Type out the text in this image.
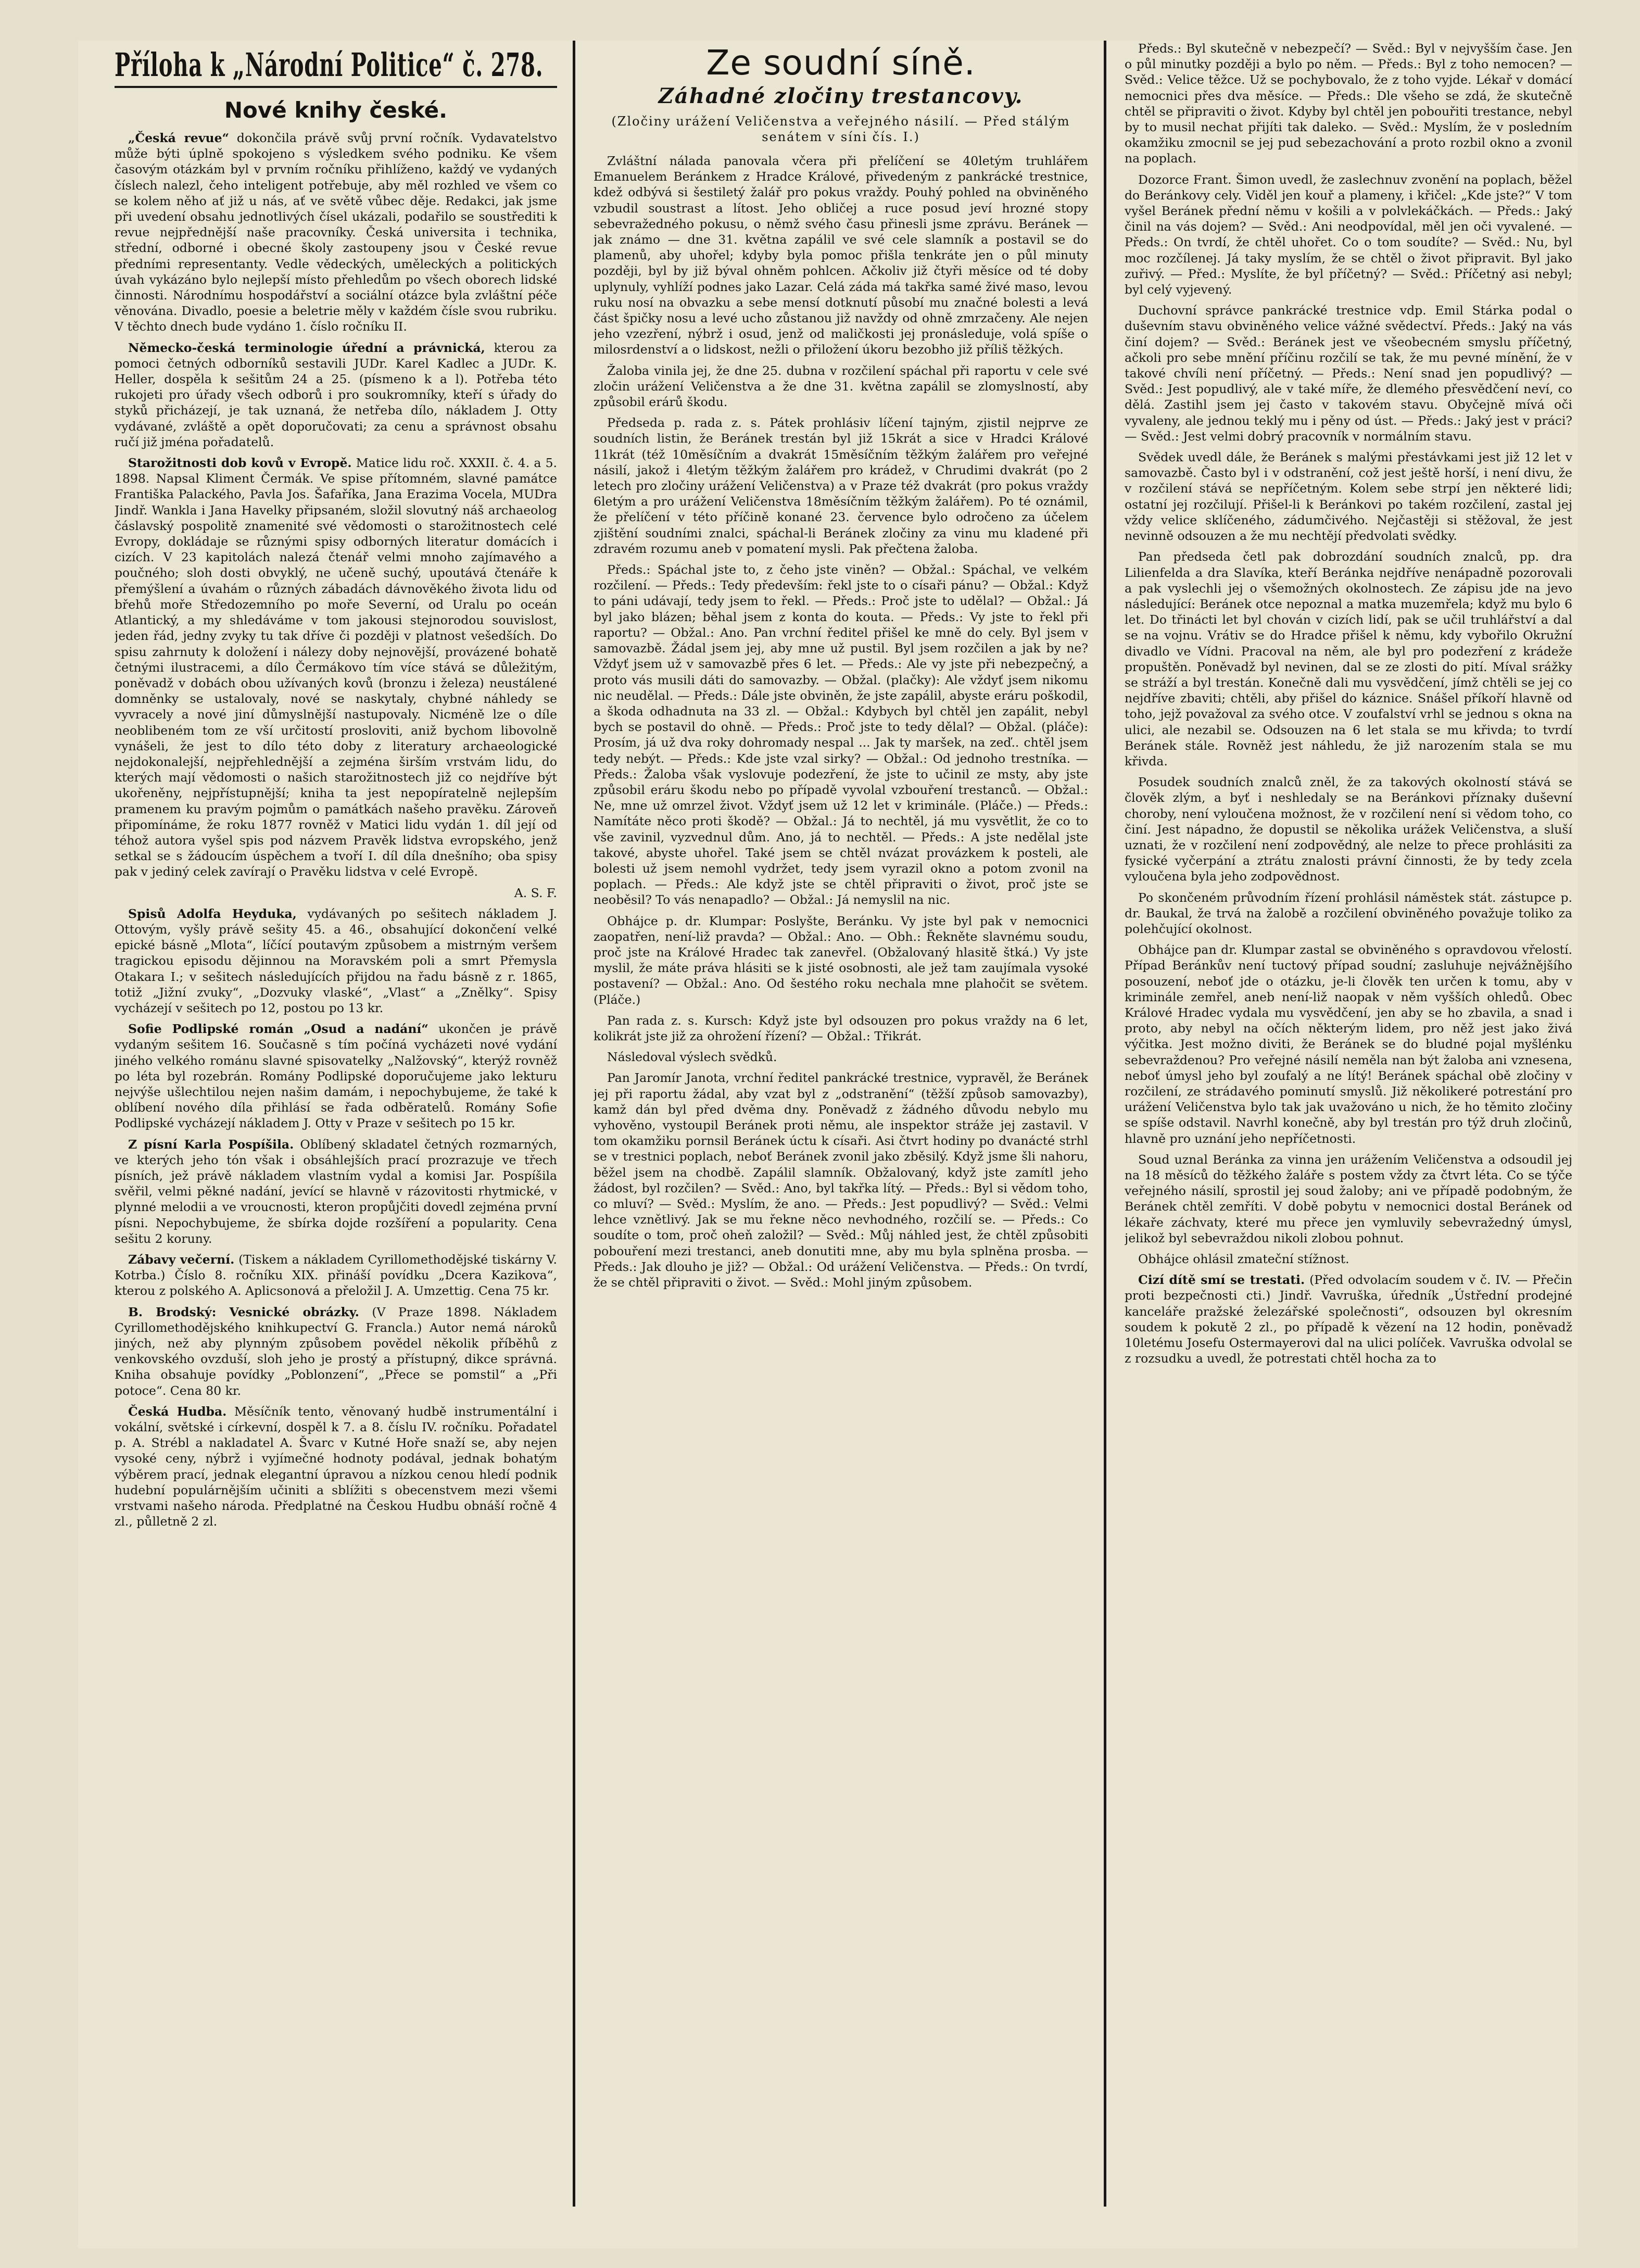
Příloha k „Národní Politice“ č. 278.
Nové knihy české.

„Česká revue“ dokončila právě svůj první ročník. Vydavatelstvo může býti úplně spokojeno s výsledkem svého podniku. Ke všem časovým otázkám byl v prvním ročníku přihlíženo, každý ve vydaných číslech nalezl, čeho inteligent potřebuje, aby měl rozhled ve všem co se kolem něho ať již u nás, ať ve světě vůbec děje. Redakci, jak jsme při uvedení obsahu jednotlivých čísel ukázali, podařilo se soustřediti k revue nejpřednější naše pracovníky. Česká universita i technika, střední, odborné i obecné školy zastoupeny jsou v České revue předními representanty. Vedle vědeckých, uměleckých a politických úvah vykázáno bylo nejlepší místo přehledům po všech oborech lidské činnosti. Národnímu hospodářství a sociální otázce byla zvláštní péče věnována. Divadlo, poesie a beletrie měly v každém čísle svou rubriku. V těchto dnech bude vydáno 1. číslo ročníku II.

Německo-česká terminologie úřední a právnická, kterou za pomoci četných odborníků sestavili JUDr. Karel Kadlec a JUDr. K. Heller, dospěla k sešitům 24 a 25. (písmeno k a l). Potřeba této rukojeti pro úřady všech odborů i pro soukromníky, kteří s úřady do styků přicházejí, je tak uznaná, že netřeba dílo, nákladem J. Otty vydávané, zvláště a opět doporučovati; za cenu a správnost obsahu ručí již jména pořadatelů.

Starožitnosti dob kovů v Evropě. Matice lidu roč. XXXII. č. 4. a 5. 1898. Napsal Kliment Čermák. Ve spise přítomném, slavné památce Františka Palackého, Pavla Jos. Šafaříka, Jana Erazima Vocela, MUDra Jindř. Wankla i Jana Havelky připsaném, složil slovutný náš archaeolog čáslavský pospolitě znamenité své vědomosti o starožitnostech celé Evropy, dokládaje se různými spisy odborných literatur domácích i cizích. V 23 kapitolách nalezá čtenář velmi mnoho zajímavého a poučného; sloh dosti obvyklý, ne učeně suchý, upoutává čtenáře k přemýšlení a úvahám o různých zábadách dávnověkého života lidu od břehů moře Středozemního po moře Severní, od Uralu po oceán Atlantický, a my shledáváme v tom jakousi stejnorodou souvislost, jeden řád, jedny zvyky tu tak dříve či později v platnost vešedších. Do spisu zahrnuty k doložení i nálezy doby nejnovější, provázené bohatě četnými ilustracemi, a dílo Čermákovo tím více stává se důležitým, poněvadž v dobách obou užívaných kovů (bronzu i železa) neustálené domněnky se ustalovaly, nové se naskytaly, chybné náhledy se vyvracely a nové jiní důmyslnější nastupovaly. Nicméně lze o díle neoblibeném tom ze vší určitostí prosloviti, aniž bychom libovolně vynášeli, že jest to dílo této doby z literatury archaeologické nejdokonalejší, nejpřehlednější a zejména širším vrstvám lidu, do kterých mají vědomosti o našich starožitnostech již co nejdříve být ukořeněny, nejpřístupnější; kniha ta jest nepopíratelně nejlepším pramenem ku pravým pojmům o památkách našeho pravěku. Zároveň připomínáme, že roku 1877 rovněž v Matici lidu vydán 1. díl její od téhož autora vyšel spis pod názvem Pravěk lidstva evropského, jenž setkal se s žádoucím úspěchem a tvoří I. díl díla dnešního; oba spisy pak v jediný celek zavírají o Pravěku lidstva v celé Evropě.

A. S. F.

Spisů Adolfa Heyduka, vydávaných po sešitech nákladem J. Ottovým, vyšly právě sešity 45. a 46., obsahující dokončení velké epické básně „Mlota“, líčící poutavým způsobem a mistrným veršem tragickou episodu dějinnou na Moravském poli a smrt Přemysla Otakara I.; v sešitech následujících přijdou na řadu básně z r. 1865, totiž „Jižní zvuky“, „Dozvuky vlaské“, „Vlast“ a „Znělky“. Spisy vycházejí v sešitech po 12, postou po 13 kr.

Sofie Podlipské román „Osud a nadání“ ukončen je právě vydaným sešitem 16. Současně s tím počíná vycházeti nové vydání jiného velkého románu slavné spisovatelky „Nalžovský“, kterýž rovněž po léta byl rozebrán. Romány Podlipské doporučujeme jako lekturu nejvýše ušlechtilou nejen našim damám, i nepochybujeme, že také k oblíbení nového díla přihlásí se řada odběratelů. Romány Sofie Podlipské vycházejí nákladem J. Otty v Praze v sešitech po 15 kr.

Z písní Karla Pospíšila. Oblíbený skladatel četných rozmarných, ve kterých jeho tón však i obsáhlejších prací prozrazuje ve třech písních, jež právě nákladem vlastním vydal a komisi Jar. Pospíšila svěřil, velmi pěkné nadání, jevící se hlavně v rázovitosti rhytmické, v plynné melodii a ve vroucnosti, kteron propůjčiti dovedl zejména první písni. Nepochybujeme, že sbírka dojde rozšíření a popularity. Cena sešitu 2 koruny.

Zábavy večerní. (Tiskem a nákladem Cyrillomethodějské tiskárny V. Kotrba.) Číslo 8. ročníku XIX. přináší povídku „Dcera Kazikova“, kterou z polského A. Aplicsonová a přeložil J. A. Umzettig. Cena 75 kr.

B. Brodský: Vesnické obrázky. (V Praze 1898. Nákladem Cyrillomethodějského knihkupectví G. Francla.) Autor nemá nároků jiných, než aby plynným způsobem povědel několik příběhů z venkovského ovzduší, sloh jeho je prostý a přístupný, dikce správná. Kniha obsahuje povídky „Poblonzení“, „Přece se pomstil“ a „Při potoce“. Cena 80 kr.

Česká Hudba. Měsíčník tento, věnovaný hudbě instrumentální i vokální, světské i církevní, dospěl k 7. a 8. číslu IV. ročníku. Pořadatel p. A. Strébl a nakladatel A. Švarc v Kutné Hoře snaží se, aby nejen vysoké ceny, nýbrž i vyjímečné hodnoty podával, jednak bohatým výběrem prací, jednak elegantní úpravou a nízkou cenou hledí podnik hudební populárnějším učiniti a sblížiti s obecenstvem mezi všemi vrstvami našeho národa. Předplatné na Českou Hudbu obnáší ročně 4 zl., půlletně 2 zl.

Ze soudní síně.
Záhadné zločiny trestancovy.
(Zločiny urážení Veličenstva a veřejného násilí. — Před stálým senátem v síni čís. I.)

Zvláštní nálada panovala včera při přelíčení se 40letým truhlářem Emanuelem Beránkem z Hradce Králové, přivedeným z pankrácké trestnice, kdež odbývá si šestiletý žalář pro pokus vraždy. Pouhý pohled na obviněného vzbudil soustrast a lítost. Jeho obličej a ruce posud jeví hrozné stopy sebevražedného pokusu, o němž svého času přinesli jsme zprávu. Beránek — jak známo — dne 31. května zapálil ve své cele slamník a postavil se do plamenů, aby uhořel; kdyby byla pomoc přišla tenkráte jen o půl minuty později, byl by již býval ohněm pohlcen. Ačkoliv již čtyři měsíce od té doby uplynuly, vyhlíží podnes jako Lazar. Celá záda má takřka samé živé maso, levou ruku nosí na obvazku a sebe mensí dotknutí působí mu značné bolesti a levá část špičky nosu a levé ucho zůstanou již navždy od ohně zmrzačeny. Ale nejen jeho vzezření, nýbrž i osud, jenž od maličkosti jej pronásleduje, volá spíše o milosrdenství a o lidskost, nežli o přiložení úkoru bezobho již příliš těžkých.

Žaloba vinila jej, že dne 25. dubna v rozčilení spáchal při raportu v cele své zločin urážení Veličenstva a že dne 31. května zapálil se zlomyslností, aby způsobil erárů škodu.

Předseda p. rada z. s. Pátek prohlásiv líčení tajným, zjistil nejprve ze soudních listin, že Beránek trestán byl již 15krát a sice v Hradci Králové 11krát (též 10měsíčním a dvakrát 15měsíčním těžkým žalářem pro veřejné násilí, jakož i 4letým těžkým žalářem pro krádež, v Chrudimi dvakrát (po 2 letech pro zločiny urážení Veličenstva) a v Praze též dvakrát (pro pokus vraždy 6letým a pro urážení Veličenstva 18měsíčním těžkým žalářem). Po té oznámil, že přelíčení v této příčině konané 23. července bylo odročeno za účelem zjištění soudními znalci, spáchal-li Beránek zločiny za vinu mu kladené při zdravém rozumu aneb v pomatení mysli. Pak přečtena žaloba.

Předs.: Spáchal jste to, z čeho jste viněn? — Obžal.: Spáchal, ve velkém rozčilení. — Předs.: Tedy především: řekl jste to o císaři pánu? — Obžal.: Když to páni udávají, tedy jsem to řekl. — Předs.: Proč jste to udělal? — Obžal.: Já byl jako blázen; běhal jsem z konta do kouta. — Předs.: Vy jste to řekl při raportu? — Obžal.: Ano. Pan vrchní ředitel přišel ke mně do cely. Byl jsem v samovazbě. Žádal jsem jej, aby mne už pustil. Byl jsem rozčilen a jak by ne? Vždyť jsem už v samovazbě přes 6 let. — Předs.: Ale vy jste při nebezpečný, a proto vás musili dáti do samovazby. — Obžal. (plačky): Ale vždyť jsem nikomu nic neudělal. — Předs.: Dále jste obviněn, že jste zapálil, abyste eráru poškodil, a škoda odhadnuta na 33 zl. — Obžal.: Kdybych byl chtěl jen zapálit, nebyl bych se postavil do ohně. — Předs.: Proč jste to tedy dělal? — Obžal. (pláče): Prosím, já už dva roky dohromady nespal ... Jak ty maršek, na zeď.. chtěl jsem tedy nebýt. — Předs.: Kde jste vzal sirky? — Obžal.: Od jednoho trestníka. — Předs.: Žaloba však vyslovuje podezření, že jste to učinil ze msty, aby jste způsobil eráru škodu nebo po případě vyvolal vzbouření trestanců. — Obžal.: Ne, mne už omrzel život. Vždyť jsem už 12 let v kriminále. (Pláče.) — Předs.: Namítáte něco proti škodě? — Obžal.: Já to nechtěl, já mu vysvětlit, že co to vše zavinil, vyzvednul dům. Ano, já to nechtěl. — Předs.: A jste nedělal jste takové, abyste uhořel. Také jsem se chtěl nvázat provázkem k posteli, ale bolesti už jsem nemohl vydržet, tedy jsem vyrazil okno a potom zvonil na poplach. — Předs.: Ale když jste se chtěl připraviti o život, proč jste se neoběsil? To vás nenapadlo? — Obžal.: Já nemyslil na nic.

Obhájce p. dr. Klumpar: Poslyšte, Beránku. Vy jste byl pak v nemocnici zaopatřen, není-liž pravda? — Obžal.: Ano. — Obh.: Řekněte slavnému soudu, proč jste na Králové Hradec tak zanevřel. (Obžalovaný hlasitě štká.) Vy jste myslil, že máte práva hlásiti se k jisté osobnosti, ale jež tam zaujímala vysoké postavení? — Obžal.: Ano. Od šestého roku nechala mne plahočit se světem. (Pláče.)

Pan rada z. s. Kursch: Když jste byl odsouzen pro pokus vraždy na 6 let, kolikrát jste již za ohrožení řízení? — Obžal.: Třikrát.

Následoval výslech svědků.

Pan Jaromír Janota, vrchní ředitel pankrácké trestnice, vypravěl, že Beránek jej při raportu žádal, aby vzat byl z „odstranění“ (těžší způsob samovazby), kamž dán byl před dvěma dny. Poněvadž z žádného důvodu nebylo mu vyhověno, vystoupil Beránek proti němu, ale inspektor stráže jej zastavil. V tom okamžiku pornsil Beránek úctu k císaři. Asi čtvrt hodiny po dvanácté strhl se v trestnici poplach, neboť Beránek zvonil jako zběsilý. Když jsme šli nahoru, běžel jsem na chodbě. Zapálil slamník. Obžalovaný, když jste zamítl jeho žádost, byl rozčilen? — Svěd.: Ano, byl takřka lítý. — Předs.: Byl si vědom toho, co mluví? — Svěd.: Myslím, že ano. — Předs.: Jest popudlivý? — Svěd.: Velmi lehce vznětlivý. Jak se mu řekne něco nevhodného, rozčilí se. — Předs.: Co soudíte o tom, proč oheň založil? — Svěd.: Můj náhled jest, že chtěl způsobiti pobouření mezi trestanci, aneb donutiti mne, aby mu byla splněna prosba. — Předs.: Jak dlouho je již? — Obžal.: Od urážení Veličenstva. — Předs.: On tvrdí, že se chtěl připraviti o život. — Svěd.: Mohl jiným způsobem.

Předs.: Byl skutečně v nebezpečí? — Svěd.: Byl v nejvyšším čase. Jen o půl minutky později a bylo po něm. — Předs.: Byl z toho nemocen? — Svěd.: Velice těžce. Už se pochybovalo, že z toho vyjde. Lékař v domácí nemocnici přes dva měsíce. — Předs.: Dle všeho se zdá, že skutečně chtěl se připraviti o život. Kdyby byl chtěl jen pobouřiti trestance, nebyl by to musil nechat přijíti tak daleko. — Svěd.: Myslím, že v posledním okamžiku zmocnil se jej pud sebezachování a proto rozbil okno a zvonil na poplach.

Dozorce Frant. Šimon uvedl, že zaslechnuv zvonění na poplach, běžel do Beránkovy cely. Viděl jen kouř a plameny, i křičel: „Kde jste?“ V tom vyšel Beránek přední němu v košili a v polvlekáčkách. — Předs.: Jaký činil na vás dojem? — Svěd.: Ani neodpovídal, měl jen oči vyvalené. — Předs.: On tvrdí, že chtěl uhořet. Co o tom soudíte? — Svěd.: Nu, byl moc rozčílenej. Já taky myslím, že se chtěl o život připravit. Byl jako zuřivý. — Před.: Myslíte, že byl příčetný? — Svěd.: Příčetný asi nebyl; byl celý vyjevený.

Duchovní správce pankrácké trestnice vdp. Emil Stárka podal o duševním stavu obviněného velice vážné svědectví. Předs.: Jaký na vás činí dojem? — Svěd.: Beránek jest ve všeobecném smyslu příčetný, ačkoli pro sebe mnění příčinu rozčilí se tak, že mu pevné mínění, že v takové chvíli není příčetný. — Předs.: Není snad jen popudlivý? — Svěd.: Jest popudlivý, ale v také míře, že dlemého přesvědčení neví, co dělá. Zastihl jsem jej často v takovém stavu. Obyčejně mívá oči vyvaleny, ale jednou teklý mu i pěny od úst. — Předs.: Jaký jest v práci? — Svěd.: Jest velmi dobrý pracovník v normálním stavu.

Svědek uvedl dále, že Beránek s malými přestávkami jest již 12 let v samovazbě. Často byl i v odstranění, což jest ještě horší, i není divu, že v rozčilení stává se nepříčetným. Kolem sebe strpí jen některé lidi; ostatní jej rozčilují. Přišel-li k Beránkovi po takém rozčilení, zastal jej vždy velice sklíčeného, zádumčivého. Nejčastěji si stěžoval, že jest nevinně odsouzen a že mu nechtějí předvolati svědky.

Pan předseda četl pak dobrozdání soudních znalců, pp. dra Lilienfelda a dra Slavíka, kteří Beránka nejdříve nenápadně pozorovali a pak vyslechli jej o všemožných okolnostech. Ze zápisu jde na jevo následující: Beránek otce nepoznal a matka muzemřela; když mu bylo 6 let. Do třinácti let byl chován v cizích lidí, pak se učil truhlářství a dal se na vojnu. Vrátiv se do Hradce přišel k němu, kdy vybořilo Okružní divadlo ve Vídni. Pracoval na něm, ale byl pro podezření z krádeže propuštěn. Poněvadž byl nevinen, dal se ze zlosti do pití. Míval srážky se stráží a byl trestán. Konečně dali mu vysvědčení, jímž chtěli se jej co nejdříve zbaviti; chtěli, aby přišel do káznice. Snášel příkoří hlavně od toho, jejž považoval za svého otce. V zoufalství vrhl se jednou s okna na ulici, ale nezabil se. Odsouzen na 6 let stala se mu křivda; to tvrdí Beránek stále. Rovněž jest náhledu, že již narozením stala se mu křivda.

Posudek soudních znalců zněl, že za takových okolností stává se člověk zlým, a byť i neshledaly se na Beránkovi příznaky duševní choroby, není vyloučena možnost, že v rozčilení není si vědom toho, co činí. Jest nápadno, že dopustil se několika urážek Veličenstva, a sluší uznati, že v rozčilení není zodpovědný, ale nelze to přece prohlásiti za fysické vyčerpání a ztrátu znalosti právní činnosti, že by tedy zcela vyloučena byla jeho zodpovědnost.

Po skončeném průvodním řízení prohlásil náměstek stát. zástupce p. dr. Baukal, že trvá na žalobě a rozčilení obviněného považuje toliko za polehčující okolnost.

Obhájce pan dr. Klumpar zastal se obviněného s opravdovou vřelostí. Případ Beránkův není tuctový případ soudní; zasluhuje nejvážnějšího posouzení, neboť jde o otázku, je-li člověk ten určen k tomu, aby v kriminále zemřel, aneb není-liž naopak v něm vyšších ohledů. Obec Králové Hradec vydala mu vysvědčení, jen aby se ho zbavila, a snad i proto, aby nebyl na očích některým lidem, pro něž jest jako živá výčitka. Jest možno diviti, že Beránek se do bludné pojal myšlénku sebevraždenou? Pro veřejné násilí neměla nan být žaloba ani vznesena, neboť úmysl jeho byl zoufalý a ne lítý! Beránek spáchal obě zločiny v rozčilení, ze strádavého pominutí smyslů. Již několikeré potrestání pro urážení Veličenstva bylo tak jak uvažováno u nich, že ho těmito zločiny se spíše odstavil. Navrhl konečně, aby byl trestán pro týž druh zločinů, hlavně pro uznání jeho nepříčetnosti.

Soud uznal Beránka za vinna jen urážením Veličenstva a odsoudil jej na 18 měsíců do těžkého žaláře s postem vždy za čtvrt léta. Co se týče veřejného násilí, sprostil jej soud žaloby; ani ve případě podobným, že Beránek chtěl zemříti. V době pobytu v nemocnici dostal Beránek od lékaře záchvaty, které mu přece jen vymluvily sebevražedný úmysl, jelikož byl sebevraždou nikoli zlobou pohnut.

Obhájce ohlásil zmateční stížnost.

Cizí dítě smí se trestati. (Před odvolacím soudem v č. IV. — Přečin proti bezpečnosti cti.) Jindř. Vavruška, úředník „Ústřední prodejné kanceláře pražské železářské společnosti“, odsouzen byl okresním soudem k pokutě 2 zl., po případě k vězení na 12 hodin, poněvadž 10letému Josefu Ostermayerovi dal na ulici políček. Vavruška odvolal se z rozsudku a uvedl, že potrestati chtěl hocha za to
